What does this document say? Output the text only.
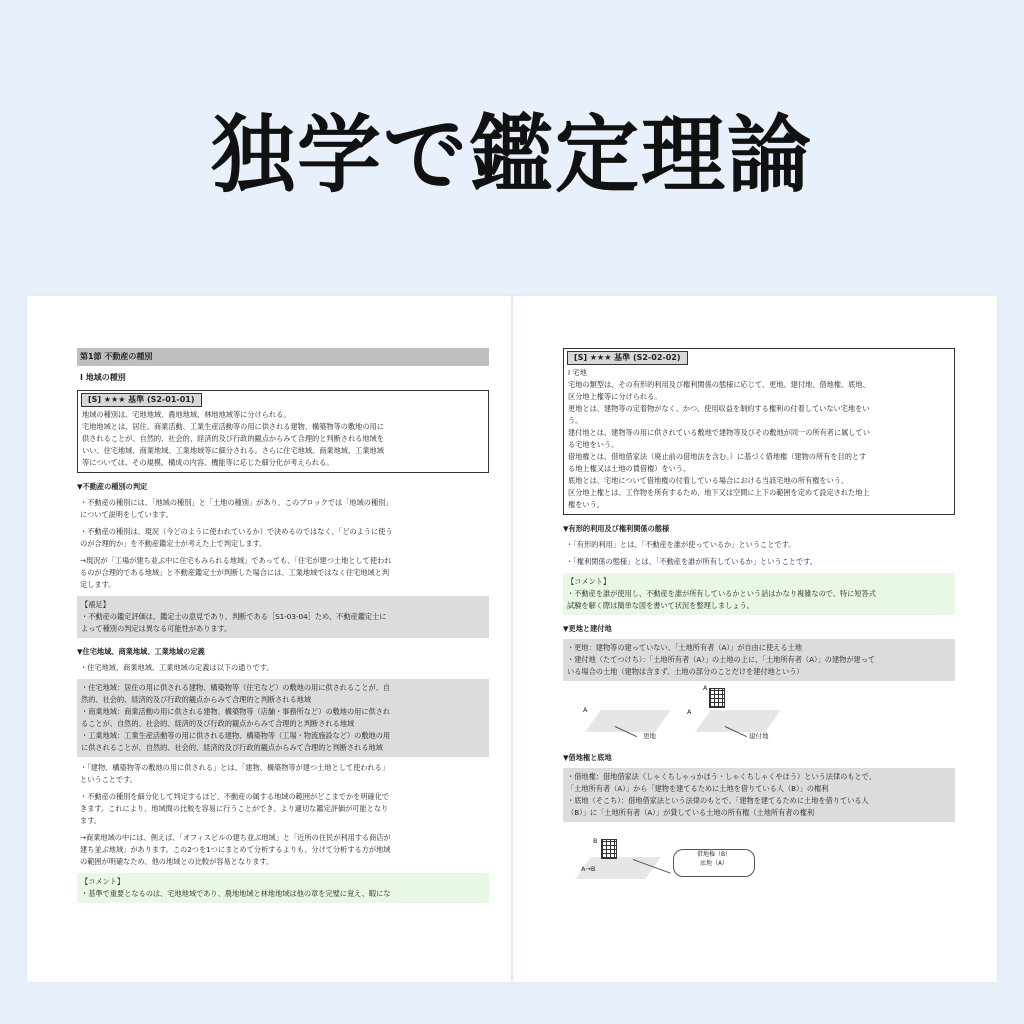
独学で鑑定理論
第1節 不動産の種別
Ⅰ 地域の種別
[S] ★★★ 基準 (S2-01-01)

地域の種別は、宅地地域、農地地域、林地地域等に分けられる。

宅地地域とは、居住、商業活動、工業生産活動等の用に供される建物、構築物等の敷地の用に

供されることが、自然的、社会的、経済的及び行政的観点からみて合理的と判断される地域を

いい、住宅地域、商業地域、工業地域等に細分される。さらに住宅地域、商業地域、工業地域

等については、その規模、構成の内容、機能等に応じた細分化が考えられる。

▼不動産の種別の判定
・不動産の種別には、「地域の種別」と「土地の種別」があり、このブロックでは「地域の種別」
について説明をしています。
・不動産の種別は、現況（今どのように使われているか）で決めるのではなく、「どのように使う
のが合理的か」を不動産鑑定士が考えた上で判定します。
→現況が「工場が建ち並ぶ中に住宅もみられる地域」であっても、「住宅が建つ土地として使われ
るのが合理的である地域」と不動産鑑定士が判断した場合には、工業地域ではなく住宅地域と判
定します。

【補足】

・不動産の鑑定評価は、鑑定士の意見であり、判断である［S1-03-04］ため、不動産鑑定士に

よって種別の判定は異なる可能性があります。

▼住宅地域、商業地域、工業地域の定義
・住宅地域、商業地域、工業地域の定義は以下の通りです。

・住宅地域：居住の用に供される建物、構築物等（住宅など）の敷地の用に供されることが、自

然的、社会的、経済的及び行政的観点からみて合理的と判断される地域

・商業地域：商業活動の用に供される建物、構築物等（店舗・事務所など）の敷地の用に供され

ることが、自然的、社会的、経済的及び行政的観点からみて合理的と判断される地域

・工業地域：工業生産活動等の用に供される建物、構築物等（工場・物流施設など）の敷地の用

に供されることが、自然的、社会的、経済的及び行政的観点からみて合理的と判断される地域

・「建物、構築物等の敷地の用に供される」とは、「建物、構築物等が建つ土地として使われる」
ということです。
・不動産の種別を細分化して判定するほど、不動産の属する地域の範囲がどこまでかを明確化で
きます。これにより、地域間の比較を容易に行うことができ、より適切な鑑定評価が可能となり
ます。
→商業地域の中には、例えば、「オフィスビルの建ち並ぶ地域」と「近所の住民が利用する商店が
建ち並ぶ地域」があります。この2つを1つにまとめて分析するよりも、分けて分析する方が地域
の範囲が明確なため、他の地域との比較が容易となります。

【コメント】

・基準で重要となるのは、宅地地域であり、農地地域と林地地域は他の章を完璧に覚え、暇にな

[S] ★★★ 基準 (S2-02-02)

Ⅰ 宅地

宅地の類型は、その有形的利用及び権利関係の態様に応じて、更地、建付地、借地権、底地、

区分地上権等に分けられる。

更地とは、建物等の定着物がなく、かつ、使用収益を制約する権利の付着していない宅地をい

う。

建付地とは、建物等の用に供されている敷地で建物等及びその敷地が同一の所有者に属してい

る宅地をいう。

借地権とは、借地借家法（廃止前の借地法を含む。）に基づく借地権（建物の所有を目的とす

る地上権又は土地の賃借権）をいう。

底地とは、宅地について借地権の付着している場合における当該宅地の所有権をいう。

区分地上権とは、工作物を所有するため、地下又は空間に上下の範囲を定めて設定された地上

権をいう。

▼有形的利用及び権利関係の態様
・「有形的利用」とは、「不動産を誰が使っているか」ということです。
・「権利関係の態様」とは、「不動産を誰が所有しているか」ということです。

【コメント】

・不動産を誰が使用し、不動産を誰が所有しているかという話はかなり複雑なので、特に短答式

試験を解く際は簡単な図を書いて状況を整理しましょう。

▼更地と建付地

・更地：建物等の建っていない、「土地所有者（A）」が自由に使える土地

・建付地（たてつけち）：「土地所有者（A）」の土地の上に、「土地所有者（A）」の建物が建って

いる場合の土地（建物は含まず、土地の部分のことだけを建付地という）

A
更地
A
A
建付地
▼借地権と底地

・借地権：借地借家法（しゃくちしゃっかほう・しゃくちしゃくやほう）という法律のもとで、

「土地所有者（A）」から「建物を建てるために土地を借りている人（B）」の権利

・底地（そこち）：借地借家法という法律のもとで、「建物を建てるために土地を借りている人

（B）」に「土地所有者（A）」が貸している土地の所有権（土地所有者の権利

B
A→B
借地権（B）
底地（A）
